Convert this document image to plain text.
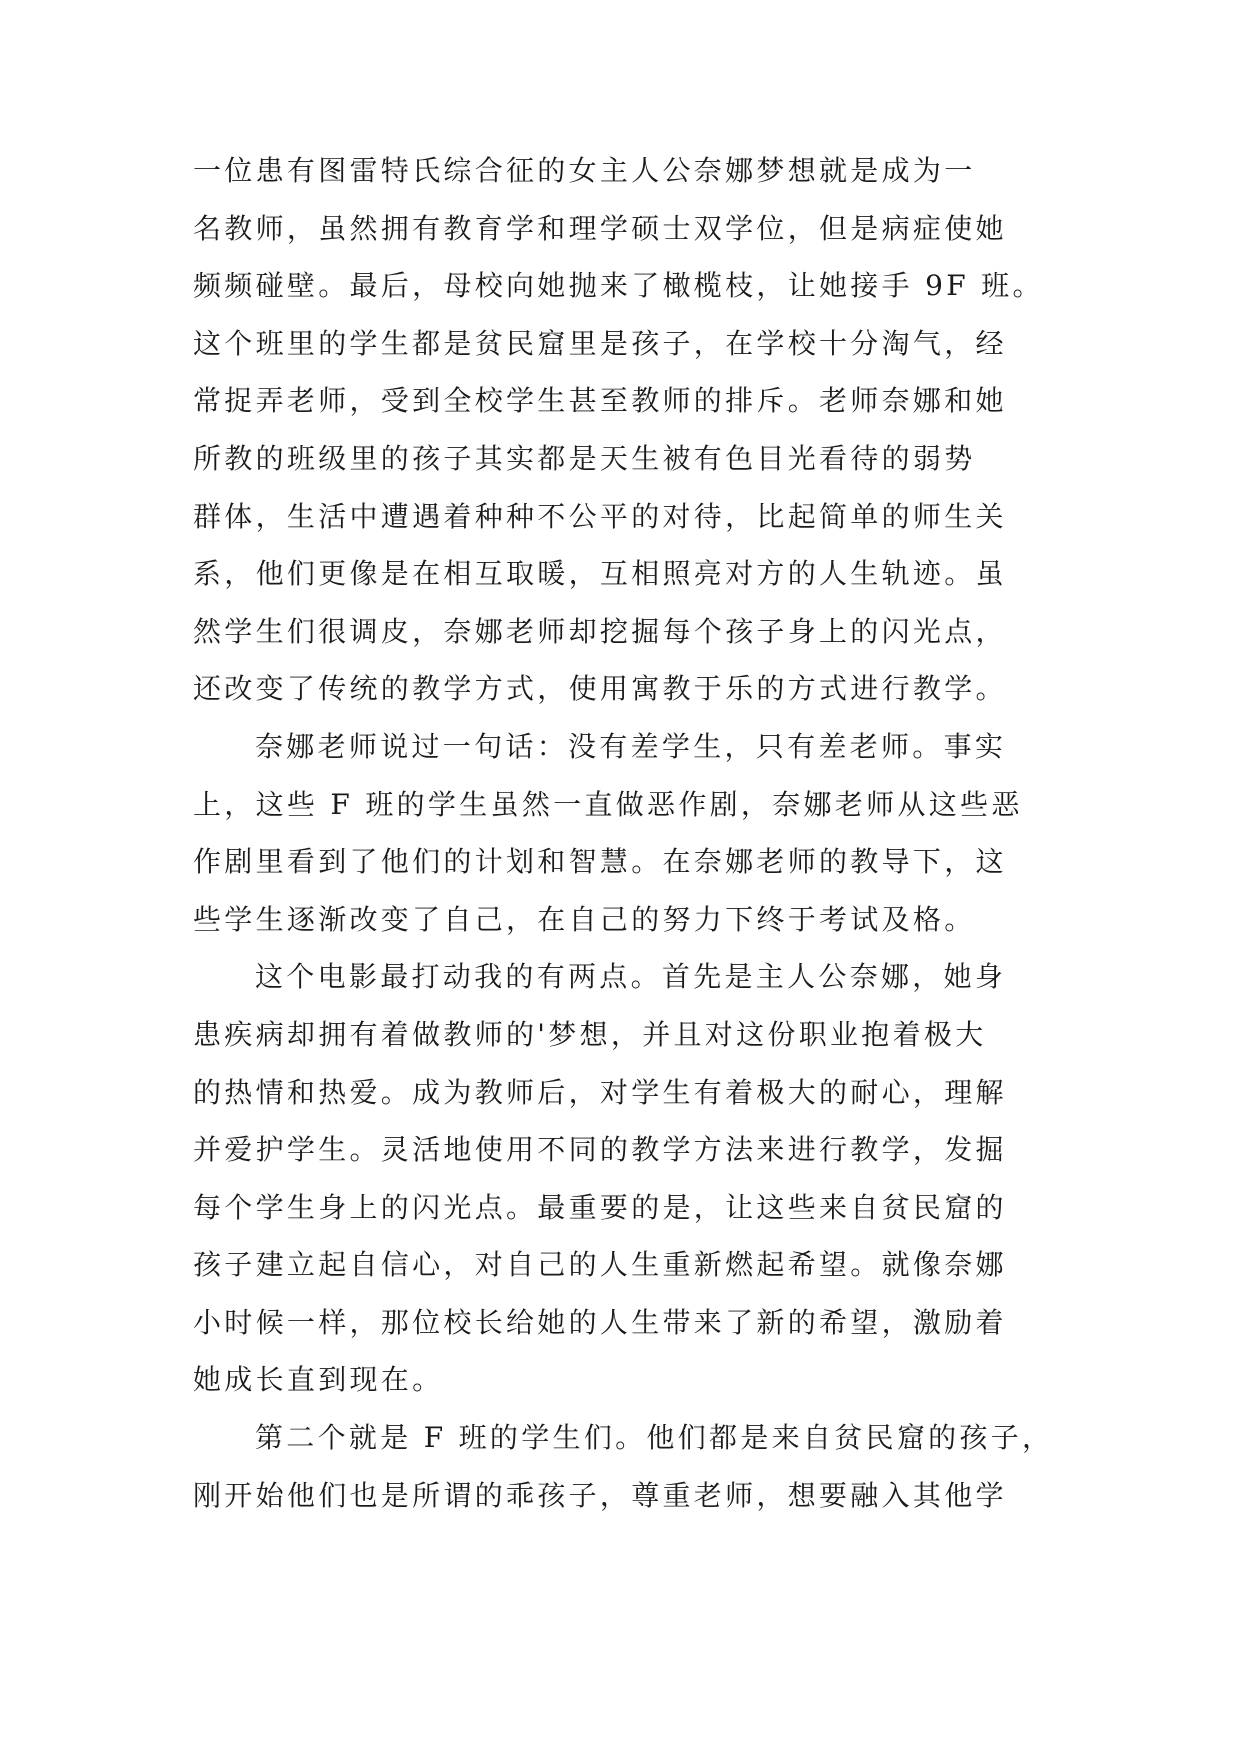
一位患有图雷特氏综合征的女主人公奈娜梦想就是成为一
名教师，虽然拥有教育学和理学硕士双学位，但是病症使她
频频碰壁。最后，母校向她抛来了橄榄枝，让她接手 9F 班。
这个班里的学生都是贫民窟里是孩子，在学校十分淘气，经
常捉弄老师，受到全校学生甚至教师的排斥。老师奈娜和她
所教的班级里的孩子其实都是天生被有色目光看待的弱势
群体，生活中遭遇着种种不公平的对待，比起简单的师生关
系，他们更像是在相互取暖，互相照亮对方的人生轨迹。虽
然学生们很调皮，奈娜老师却挖掘每个孩子身上的闪光点，
还改变了传统的教学方式，使用寓教于乐的方式进行教学。

奈娜老师说过一句话：没有差学生，只有差老师。事实
上，这些 F 班的学生虽然一直做恶作剧，奈娜老师从这些恶
作剧里看到了他们的计划和智慧。在奈娜老师的教导下，这
些学生逐渐改变了自己，在自己的努力下终于考试及格。

这个电影最打动我的有两点。首先是主人公奈娜，她身
患疾病却拥有着做教师的'梦想，并且对这份职业抱着极大
的热情和热爱。成为教师后，对学生有着极大的耐心，理解
并爱护学生。灵活地使用不同的教学方法来进行教学，发掘
每个学生身上的闪光点。最重要的是，让这些来自贫民窟的
孩子建立起自信心，对自己的人生重新燃起希望。就像奈娜
小时候一样，那位校长给她的人生带来了新的希望，激励着
她成长直到现在。

第二个就是 F 班的学生们。他们都是来自贫民窟的孩子，
刚开始他们也是所谓的乖孩子，尊重老师，想要融入其他学
